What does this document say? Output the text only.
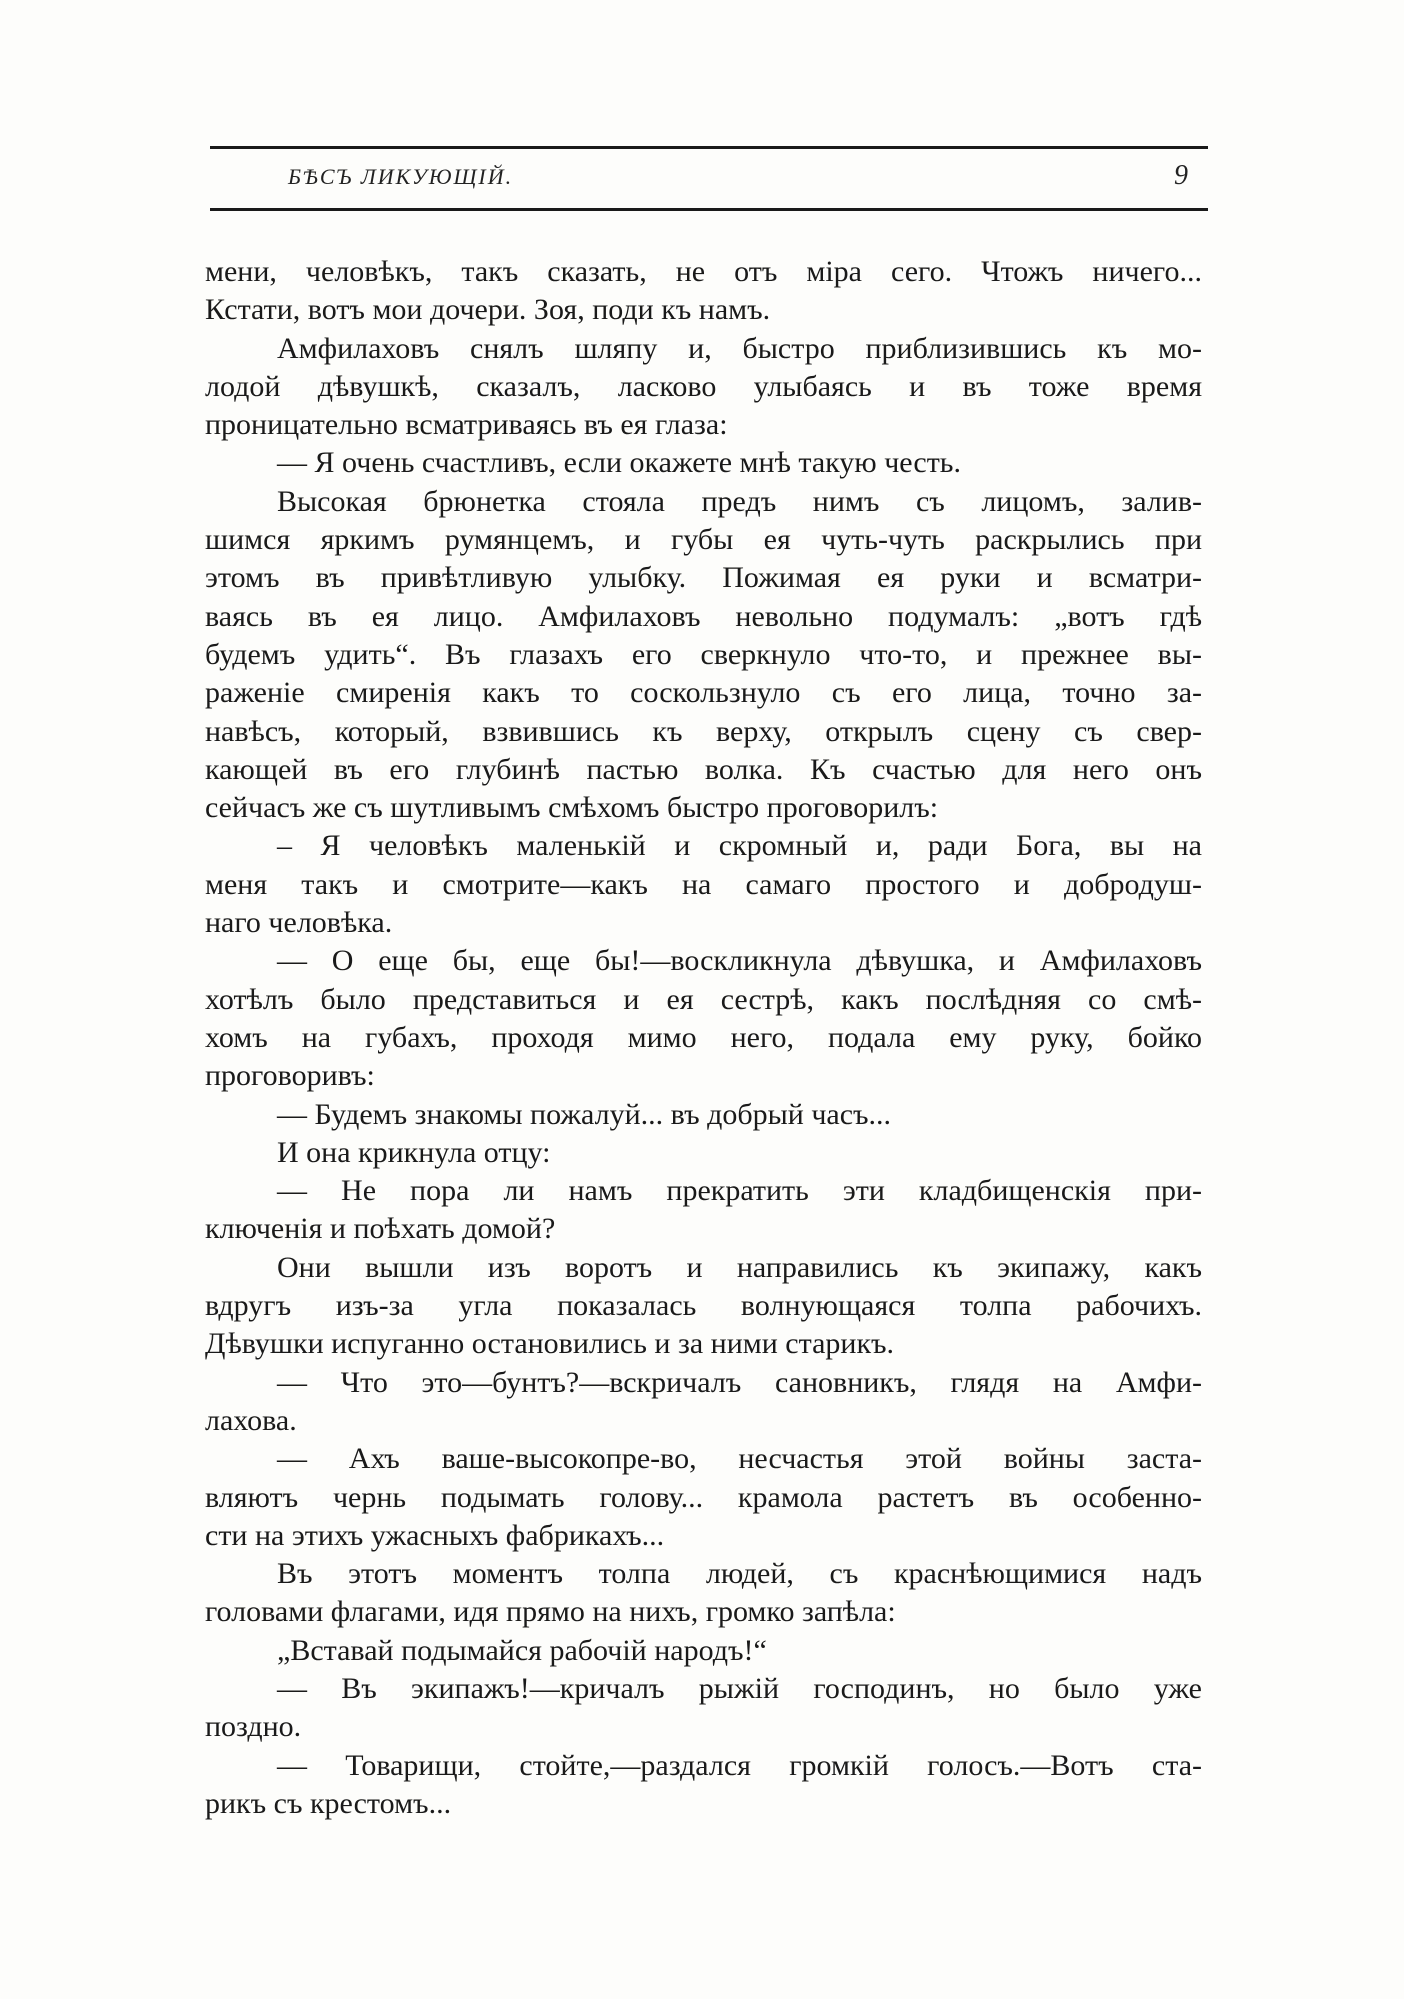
БѢСЪ ЛИКУЮЩІЙ.	9
мени, человѣкъ, такъ сказать, не отъ міра сего. Чтожъ ничего...
Кстати, вотъ мои дочери. Зоя, поди къ намъ.
Амфилаховъ снялъ шляпу и, быстро приблизившись къ мо-
лодой дѣвушкѣ, сказалъ, ласково улыбаясь и въ тоже время
проницательно всматриваясь въ ея глаза:
— Я очень счастливъ, если окажете мнѣ такую честь.
Высокая брюнетка стояла предъ нимъ съ лицомъ, залив-
шимся яркимъ румянцемъ, и губы ея чуть-чуть раскрылись при
этомъ въ привѣтливую улыбку. Пожимая ея руки и всматри-
ваясь въ ея лицо. Амфилаховъ невольно подумалъ: „вотъ гдѣ
будемъ удить“. Въ глазахъ его сверкнуло что-то, и прежнее вы-
раженіе смиренія какъ то соскользнуло съ его лица, точно за-
навѣсъ, который, взвившись къ верху, открылъ сцену съ свер-
кающей въ его глубинѣ пастью волка. Къ счастью для него онъ
сейчасъ же съ шутливымъ смѣхомъ быстро проговорилъ:
– Я человѣкъ маленькій и скромный и, ради Бога, вы на
меня такъ и смотрите—какъ на самаго простого и добродуш-
наго человѣка.
— О еще бы, еще бы!—воскликнула дѣвушка, и Амфилаховъ
хотѣлъ было представиться и ея сестрѣ, какъ послѣдняя со смѣ-
хомъ на губахъ, проходя мимо него, подала ему руку, бойко
проговоривъ:
— Будемъ знакомы пожалуй... въ добрый часъ...
И она крикнула отцу:
— Не пора ли намъ прекратить эти кладбищенскія при-
ключенія и поѣхать домой?
Они вышли изъ воротъ и направились къ экипажу, какъ
вдругъ изъ-за угла показалась волнующаяся толпа рабочихъ.
Дѣвушки испуганно остановились и за ними старикъ.
— Что это—бунтъ?—вскричалъ сановникъ, глядя на Амфи-
лахова.
— Ахъ ваше-высокопре-во, несчастья этой войны заста-
вляютъ чернь подымать голову... крамола растетъ въ особенно-
сти на этихъ ужасныхъ фабрикахъ...
Въ этотъ моментъ толпа людей, съ краснѣющимися надъ
головами флагами, идя прямо на нихъ, громко запѣла:
„Вставай подымайся рабочій народъ!“
— Въ экипажъ!—кричалъ рыжій господинъ, но было уже
поздно.
— Товарищи, стойте,—раздался громкій голосъ.—Вотъ ста-
рикъ съ крестомъ...
